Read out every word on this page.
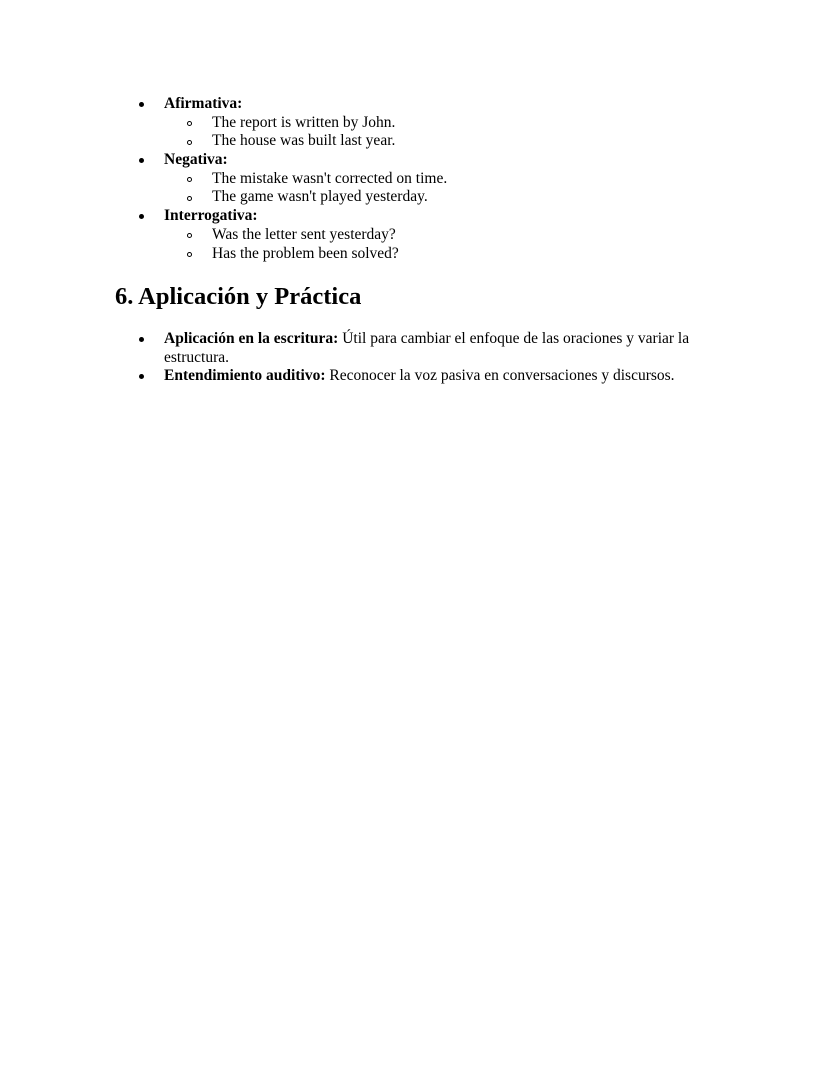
Afirmativa:
The report is written by John.
The house was built last year.
Negativa:
The mistake wasn't corrected on time.
The game wasn't played yesterday.
Interrogativa:
Was the letter sent yesterday?
Has the problem been solved?
6. Aplicación y Práctica
Aplicación en la escritura: Útil para cambiar el enfoque de las oraciones y variar la estructura.
Entendimiento auditivo: Reconocer la voz pasiva en conversaciones y discursos.
